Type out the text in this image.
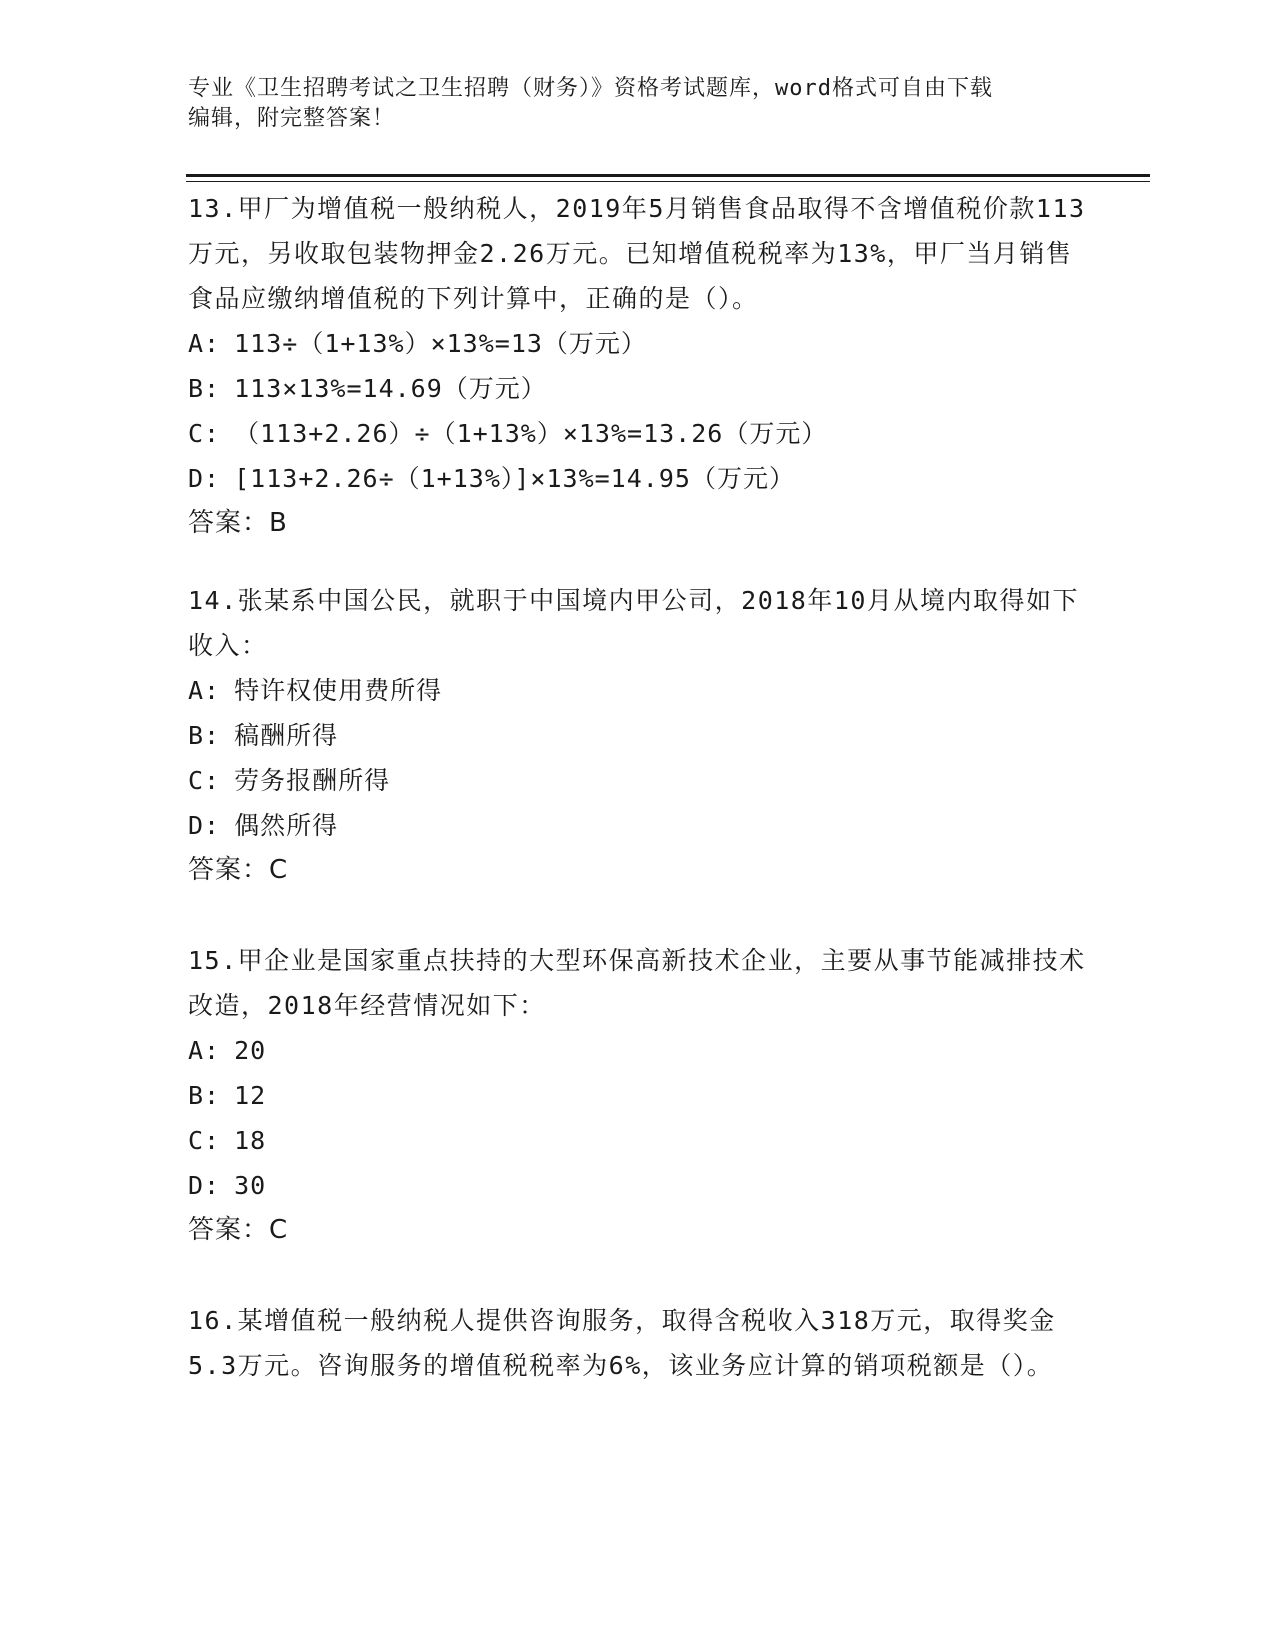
专业《卫生招聘考试之卫生招聘（财务）》资格考试题库，word格式可自由下载
编辑，附完整答案！
13.甲厂为增值税一般纳税人，2019年5月销售食品取得不含增值税价款113万元，另收取包装物押金2.26万元。已知增值税税率为13%，甲厂当月销售食品应缴纳增值税的下列计算中，正确的是（）。
A: 113÷（1+13%）×13%=13（万元）
B: 113×13%=14.69（万元）
C: （113+2.26）÷（1+13%）×13%=13.26（万元）
D: [113+2.26÷（1+13%）]×13%=14.95（万元）
答案：B
14.张某系中国公民，就职于中国境内甲公司，2018年10月从境内取得如下收入：
A: 特许权使用费所得
B: 稿酬所得
C: 劳务报酬所得
D: 偶然所得
答案：C
15.甲企业是国家重点扶持的大型环保高新技术企业，主要从事节能减排技术改造，2018年经营情况如下：
A: 20
B: 12
C: 18
D: 30
答案：C
16.某增值税一般纳税人提供咨询服务，取得含税收入318万元，取得奖金5.3万元。咨询服务的增值税税率为6%，该业务应计算的销项税额是（）。
